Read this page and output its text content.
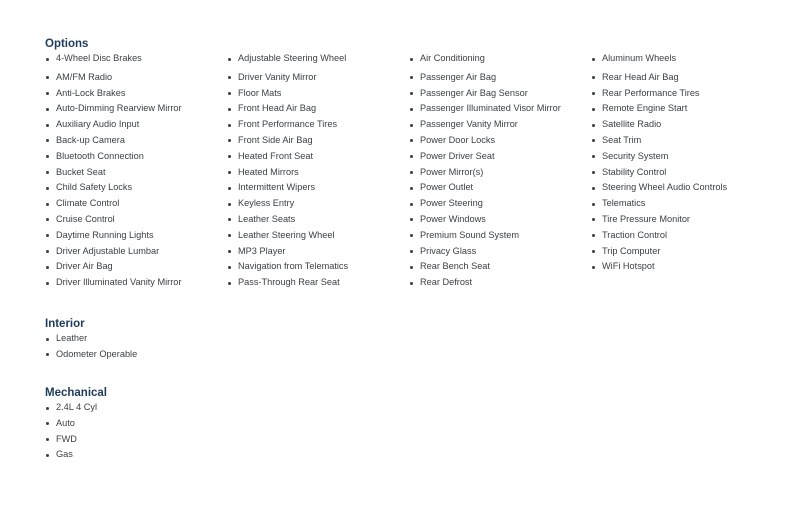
Options
4-Wheel Disc Brakes
AM/FM Radio
Anti-Lock Brakes
Auto-Dimming Rearview Mirror
Auxiliary Audio Input
Back-up Camera
Bluetooth Connection
Bucket Seat
Child Safety Locks
Climate Control
Cruise Control
Daytime Running Lights
Driver Adjustable Lumbar
Driver Air Bag
Driver Illuminated Vanity Mirror
Adjustable Steering Wheel
Driver Vanity Mirror
Floor Mats
Front Head Air Bag
Front Performance Tires
Front Side Air Bag
Heated Front Seat
Heated Mirrors
Intermittent Wipers
Keyless Entry
Leather Seats
Leather Steering Wheel
MP3 Player
Navigation from Telematics
Pass-Through Rear Seat
Air Conditioning
Passenger Air Bag
Passenger Air Bag Sensor
Passenger Illuminated Visor Mirror
Passenger Vanity Mirror
Power Door Locks
Power Driver Seat
Power Mirror(s)
Power Outlet
Power Steering
Power Windows
Premium Sound System
Privacy Glass
Rear Bench Seat
Rear Defrost
Aluminum Wheels
Rear Head Air Bag
Rear Performance Tires
Remote Engine Start
Satellite Radio
Seat Trim
Security System
Stability Control
Steering Wheel Audio Controls
Telematics
Tire Pressure Monitor
Traction Control
Trip Computer
WiFi Hotspot
Interior
Leather
Odometer Operable
Mechanical
2.4L 4 Cyl
Auto
FWD
Gas
